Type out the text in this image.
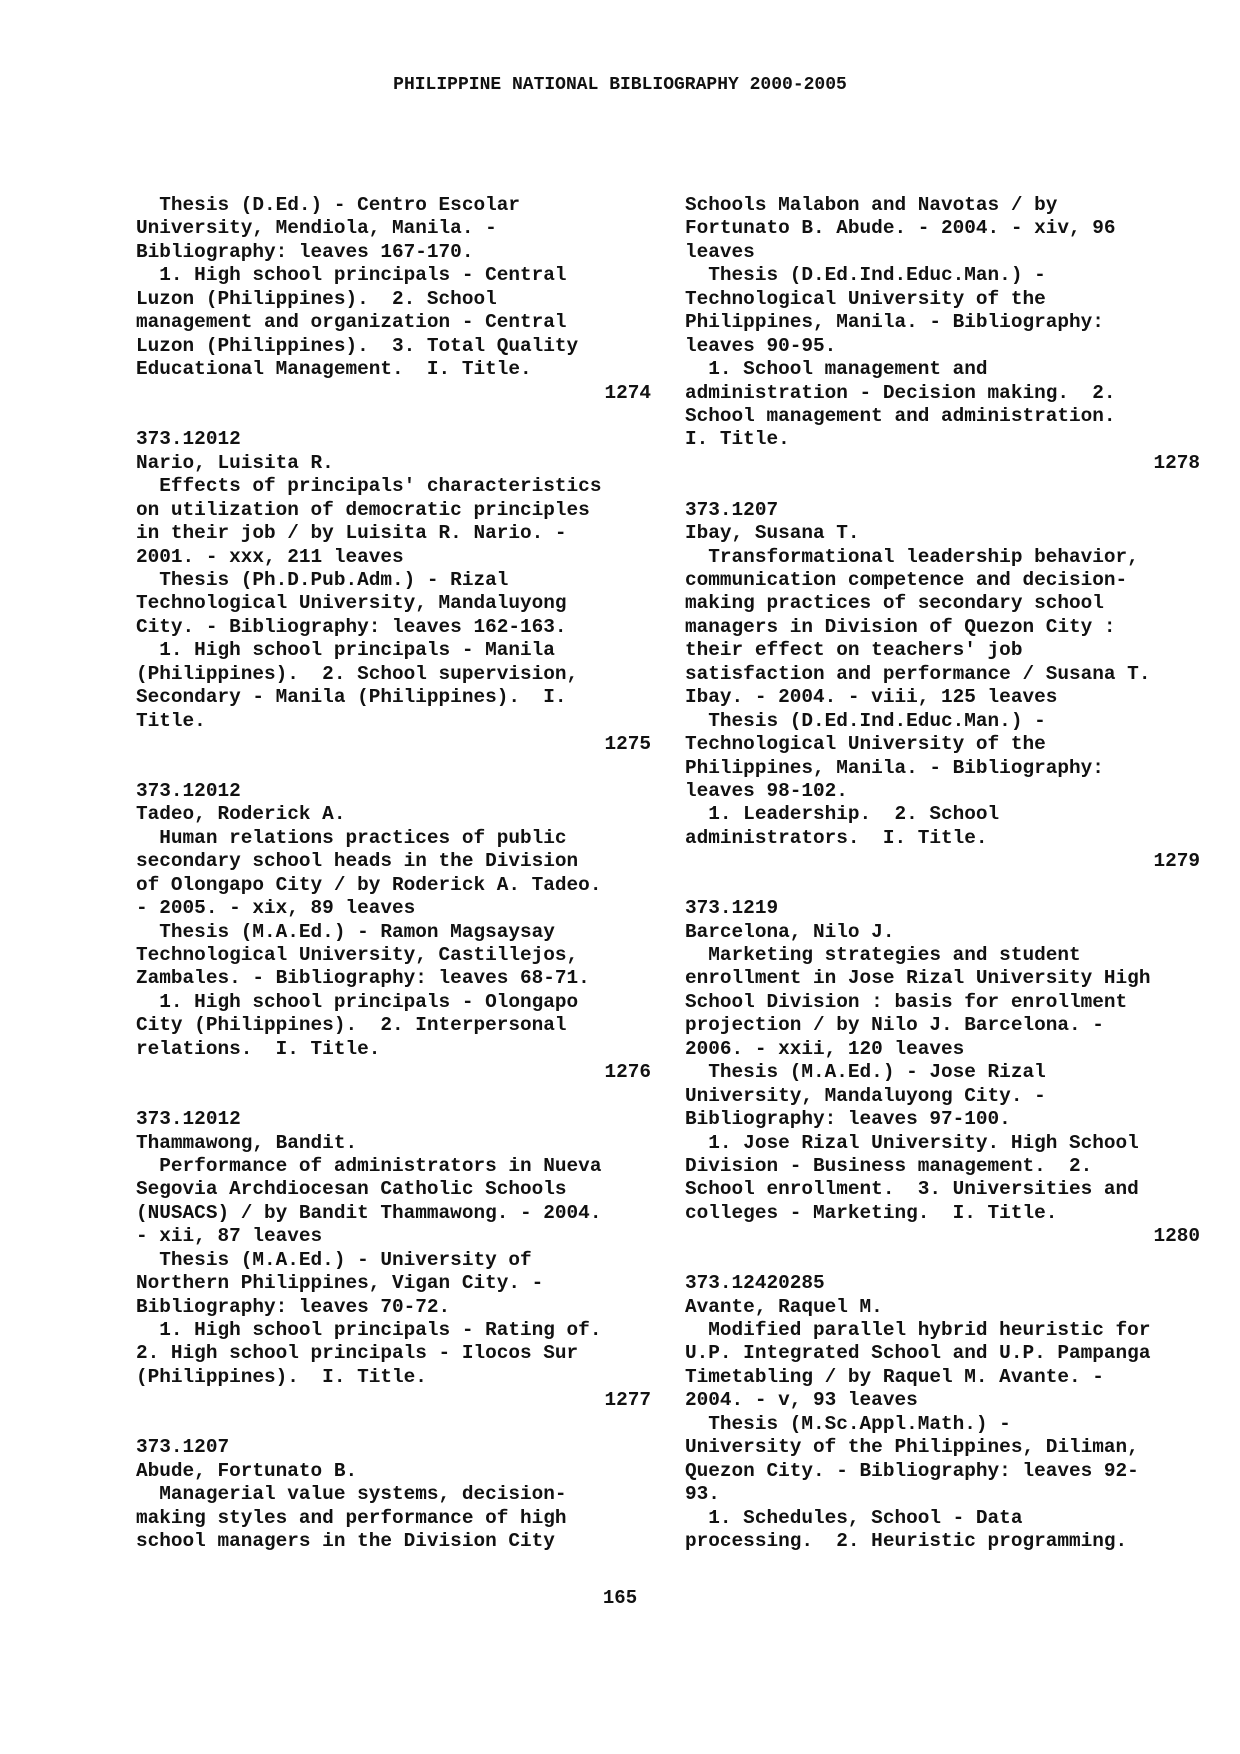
PHILIPPINE NATIONAL BIBLIOGRAPHY 2000-2005
Thesis (D.Ed.) - Centro Escolar
University, Mendiola, Manila. -
Bibliography: leaves 167-170.
1. High school principals - Central
Luzon (Philippines).  2. School
management and organization - Central
Luzon (Philippines).  3. Total Quality
Educational Management.  I. Title.
1274
373.12012
Nario, Luisita R.
Effects of principals' characteristics
on utilization of democratic principles
in their job / by Luisita R. Nario. -
2001. - xxx, 211 leaves
Thesis (Ph.D.Pub.Adm.) - Rizal
Technological University, Mandaluyong
City. - Bibliography: leaves 162-163.
1. High school principals - Manila
(Philippines).  2. School supervision,
Secondary - Manila (Philippines).  I.
Title.
1275
373.12012
Tadeo, Roderick A.
Human relations practices of public
secondary school heads in the Division
of Olongapo City / by Roderick A. Tadeo.
- 2005. - xix, 89 leaves
Thesis (M.A.Ed.) - Ramon Magsaysay
Technological University, Castillejos,
Zambales. - Bibliography: leaves 68-71.
1. High school principals - Olongapo
City (Philippines).  2. Interpersonal
relations.  I. Title.
1276
373.12012
Thammawong, Bandit.
Performance of administrators in Nueva
Segovia Archdiocesan Catholic Schools
(NUSACS) / by Bandit Thammawong. - 2004.
- xii, 87 leaves
Thesis (M.A.Ed.) - University of
Northern Philippines, Vigan City. -
Bibliography: leaves 70-72.
1. High school principals - Rating of.
2. High school principals - Ilocos Sur
(Philippines).  I. Title.
1277
373.1207
Abude, Fortunato B.
Managerial value systems, decision-
making styles and performance of high
school managers in the Division City
Schools Malabon and Navotas / by
Fortunato B. Abude. - 2004. - xiv, 96
leaves
Thesis (D.Ed.Ind.Educ.Man.) -
Technological University of the
Philippines, Manila. - Bibliography:
leaves 90-95.
1. School management and
administration - Decision making.  2.
School management and administration.
I. Title.
1278
373.1207
Ibay, Susana T.
Transformational leadership behavior,
communication competence and decision-
making practices of secondary school
managers in Division of Quezon City :
their effect on teachers' job
satisfaction and performance / Susana T.
Ibay. - 2004. - viii, 125 leaves
Thesis (D.Ed.Ind.Educ.Man.) -
Technological University of the
Philippines, Manila. - Bibliography:
leaves 98-102.
1. Leadership.  2. School
administrators.  I. Title.
1279
373.1219
Barcelona, Nilo J.
Marketing strategies and student
enrollment in Jose Rizal University High
School Division : basis for enrollment
projection / by Nilo J. Barcelona. -
2006. - xxii, 120 leaves
Thesis (M.A.Ed.) - Jose Rizal
University, Mandaluyong City. -
Bibliography: leaves 97-100.
1. Jose Rizal University. High School
Division - Business management.  2.
School enrollment.  3. Universities and
colleges - Marketing.  I. Title.
1280
373.12420285
Avante, Raquel M.
Modified parallel hybrid heuristic for
U.P. Integrated School and U.P. Pampanga
Timetabling / by Raquel M. Avante. -
2004. - v, 93 leaves
Thesis (M.Sc.Appl.Math.) -
University of the Philippines, Diliman,
Quezon City. - Bibliography: leaves 92-
93.
1. Schedules, School - Data
processing.  2. Heuristic programming.
165
